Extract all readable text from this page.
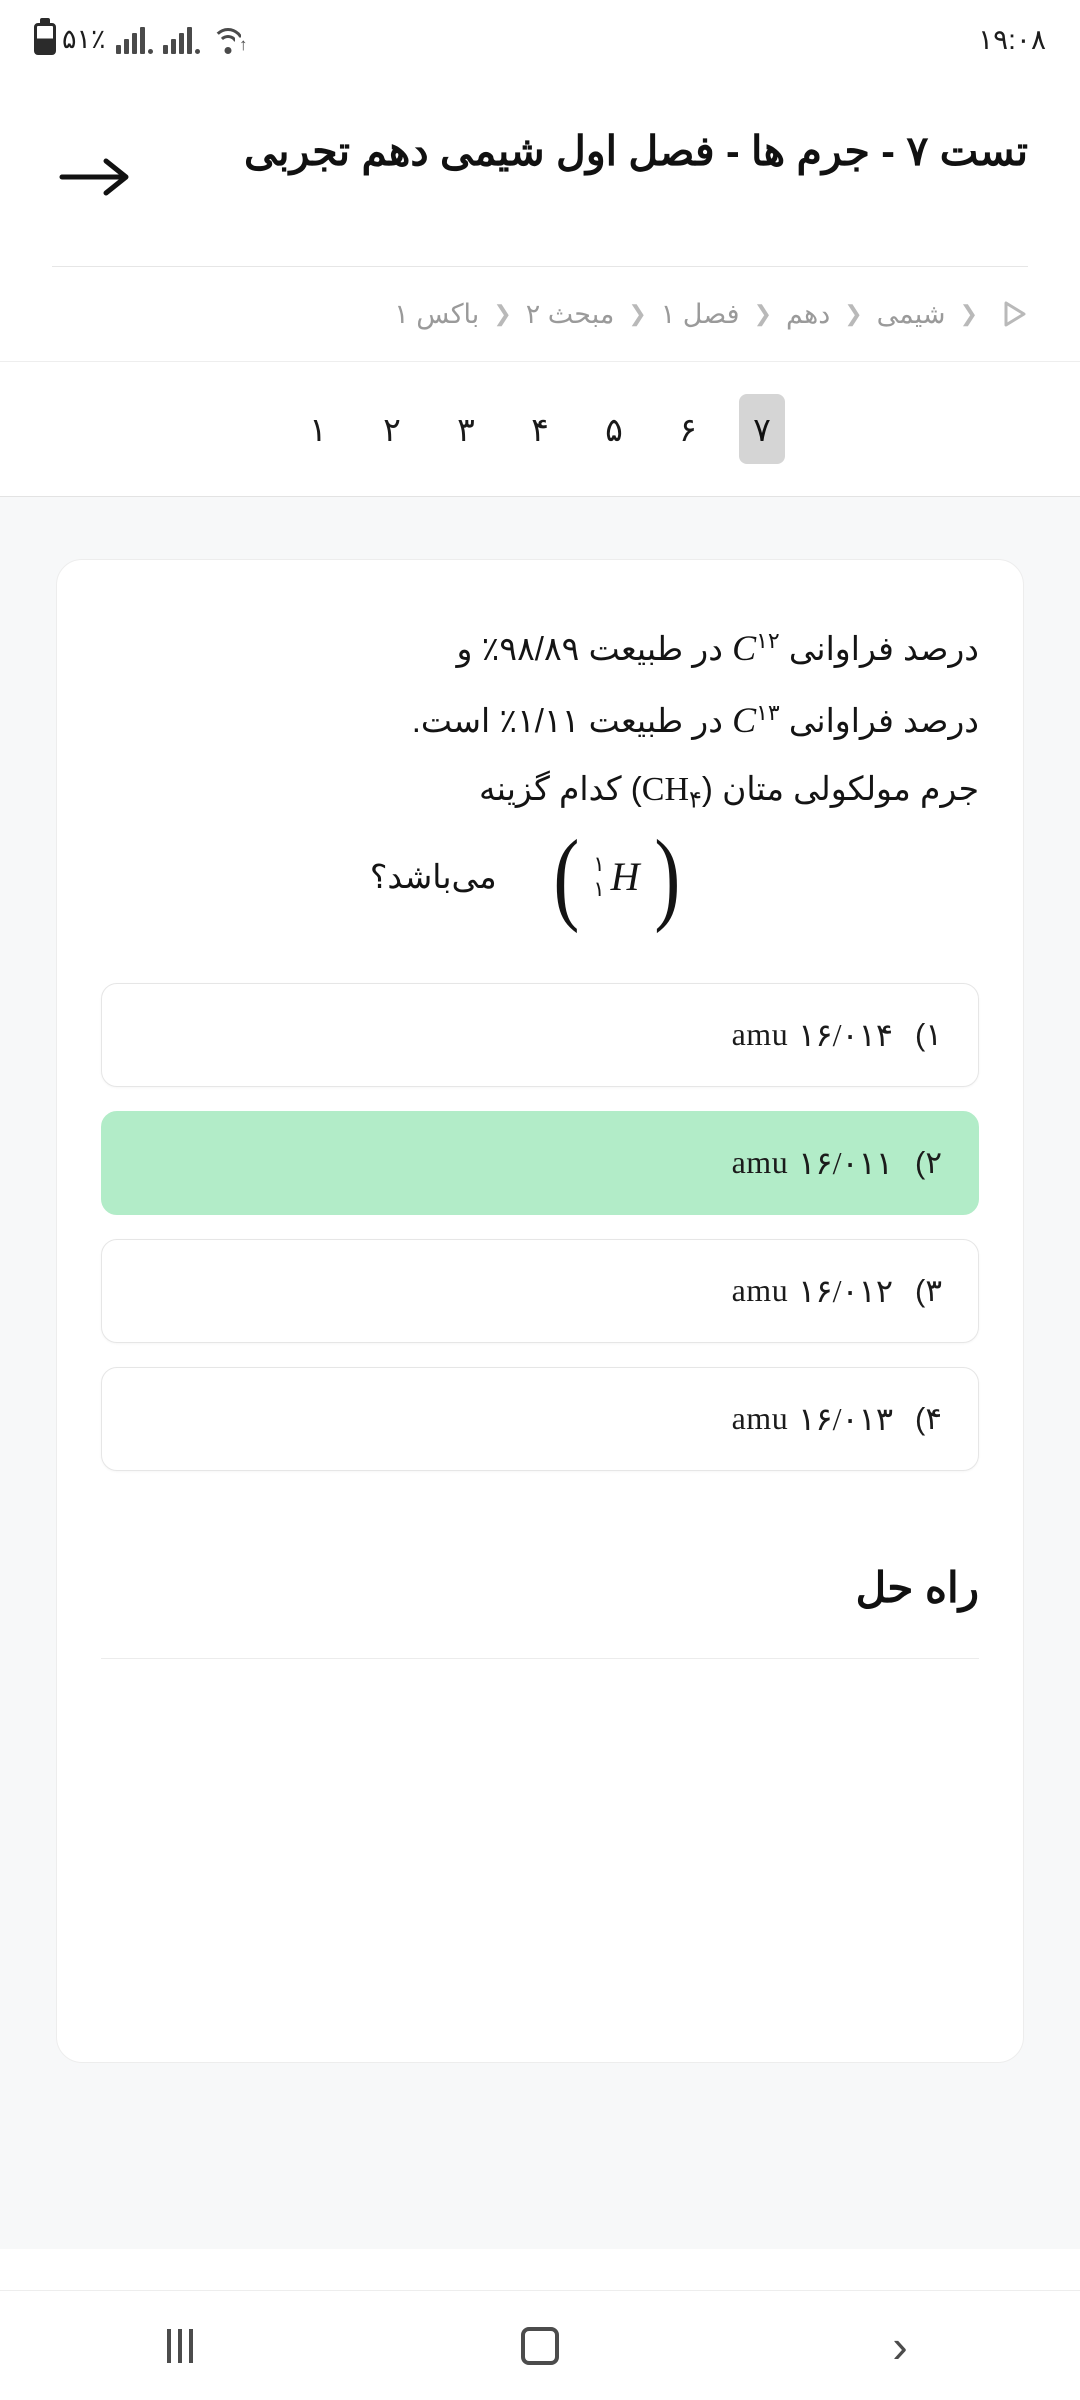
۵۱٪	↑	۱۹:۰۸
تست ۷ - جرم ها - فصل اول شیمی دهم تجربی
❮
شیمی
❮
دهم
❮
فصل ۱
❮
مبحث ۲
❮
باکس ۱
۱	۲	۳	۴	۵	۶	۷
درصد فراوانی $C^{۱۲}$ در طبیعت ۹۸/۸۹٪ و
درصد فراوانی $C^{۱۳}$ در طبیعت ۱/۱۱٪ است.
جرم مولکولی متان $(CH_۴)$ کدام گزینه
(
H
۱
۱
)
می‌باشد؟
۱)
۱۶/۰۱۴
amu
۲)
۱۶/۰۱۱
amu
۳)
۱۶/۰۱۲
amu
۴)
۱۶/۰۱۳
amu
راه حل
›
